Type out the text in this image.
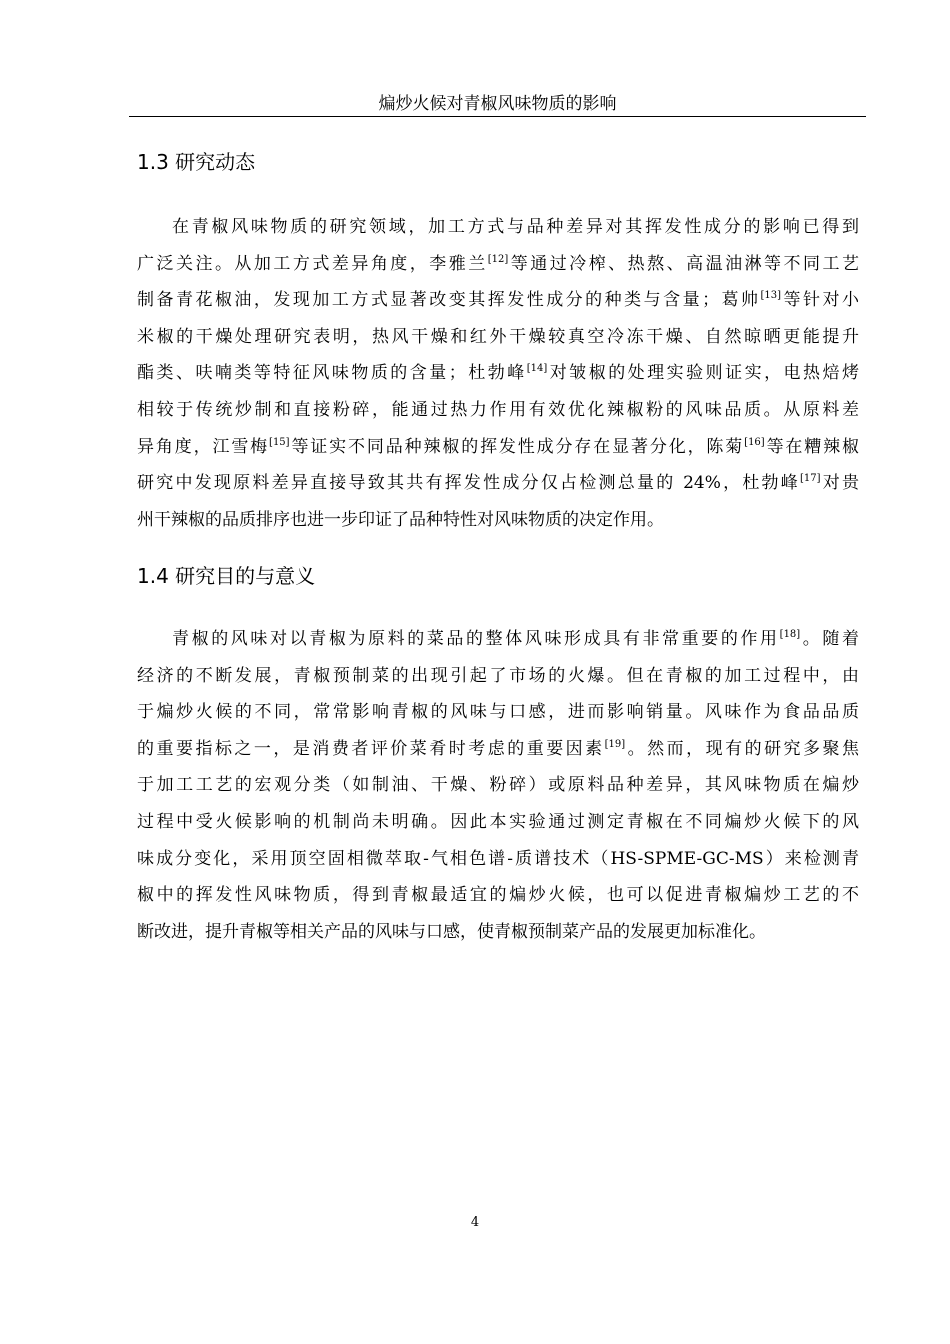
煸炒火候对青椒风味物质的影响
1.3 研究动态
在青椒风味物质的研究领域，加工方式与品种差异对其挥发性成分的影响已得到
广泛关注。从加工方式差异角度，李雅兰[12]等通过冷榨、热熬、高温油淋等不同工艺
制备青花椒油，发现加工方式显著改变其挥发性成分的种类与含量；葛帅[13]等针对小
米椒的干燥处理研究表明，热风干燥和红外干燥较真空冷冻干燥、自然晾晒更能提升
酯类、呋喃类等特征风味物质的含量；杜勃峰[14]对皱椒的处理实验则证实，电热焙烤
相较于传统炒制和直接粉碎，能通过热力作用有效优化辣椒粉的风味品质。从原料差
异角度，江雪梅[15]等证实不同品种辣椒的挥发性成分存在显著分化，陈菊[16]等在糟辣椒
研究中发现原料差异直接导致其共有挥发性成分仅占检测总量的 24%，杜勃峰[17]对贵
州干辣椒的品质排序也进一步印证了品种特性对风味物质的决定作用。
1.4 研究目的与意义
青椒的风味对以青椒为原料的菜品的整体风味形成具有非常重要的作用[18]。随着
经济的不断发展，青椒预制菜的出现引起了市场的火爆。但在青椒的加工过程中，由
于煸炒火候的不同，常常影响青椒的风味与口感，进而影响销量。风味作为食品品质
的重要指标之一，是消费者评价菜肴时考虑的重要因素[19]。然而，现有的研究多聚焦
于加工工艺的宏观分类（如制油、干燥、粉碎）或原料品种差异，其风味物质在煸炒
过程中受火候影响的机制尚未明确。因此本实验通过测定青椒在不同煸炒火候下的风
味成分变化，采用顶空固相微萃取-气相色谱-质谱技术（HS-SPME-GC-MS）来检测青
椒中的挥发性风味物质，得到青椒最适宜的煸炒火候，也可以促进青椒煸炒工艺的不
断改进，提升青椒等相关产品的风味与口感，使青椒预制菜产品的发展更加标准化。
4
